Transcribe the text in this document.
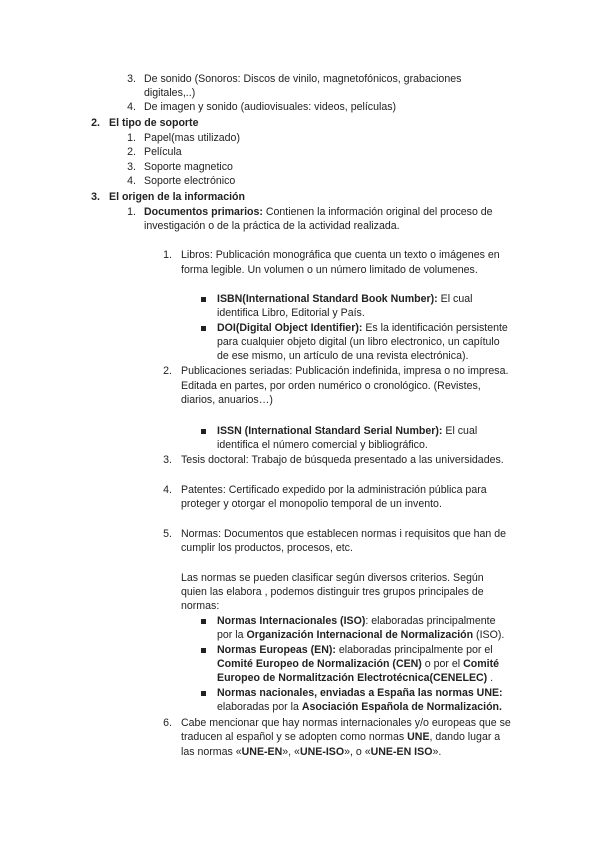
3. De sonido (Sonoros: Discos de vinilo, magnetofónicos, grabaciones
digitales,..)
4. De imagen y sonido (audiovisuales: videos, películas)
2. El tipo de soporte
1. Papel(mas utilizado)
2. Película
3. Soporte magnetico
4. Soporte electrónico
3. El origen de la información
1. Documentos primarios: Contienen la información original del proceso de
investigación o de la práctica de la actividad realizada.
1. Libros: Publicación monográfica que cuenta un texto o imágenes en
forma legible. Un volumen o un número limitado de volumenes.
ISBN(International Standard Book Number): El cual
identifica Libro, Editorial y País.
DOI(Digital Object Identifier): Es la identificación persistente
para cualquier objeto digital (un libro electronico, un capítulo
de ese mismo, un artículo de una revista electrónica).
2. Publicaciones seriadas: Publicación indefinida, impresa o no impresa.
Editada en partes, por orden numérico o cronológico. (Revistes,
diarios, anuarios…)
ISSN (International Standard Serial Number): El cual
identifica el número comercial y bibliográfico.
3. Tesis doctoral: Trabajo de búsqueda presentado a las universidades.
4. Patentes: Certificado expedido por la administración pública para
proteger y otorgar el monopolio temporal de un invento.
5. Normas: Documentos que establecen normas i requisitos que han de
cumplir los productos, procesos, etc.
Las normas se pueden clasificar según diversos criterios. Según
quien las elabora , podemos distinguir tres grupos principales de
normas:
Normas Internacionales (ISO): elaboradas principalmente
por la Organización Internacional de Normalización (ISO).
Normas Europeas (EN): elaboradas principalmente por el
Comité Europeo de Normalización (CEN) o por el Comité
Europeo de Normalitzación Electrotécnica(CENELEC) .
Normas nacionales, enviadas a España las normas UNE:
elaboradas por la Asociación Española de Normalización.
6. Cabe mencionar que hay normas internacionales y/o europeas que se
traducen al español y se adopten como normas UNE, dando lugar a
las normas «UNE-EN», «UNE-ISO», o «UNE-EN ISO».
